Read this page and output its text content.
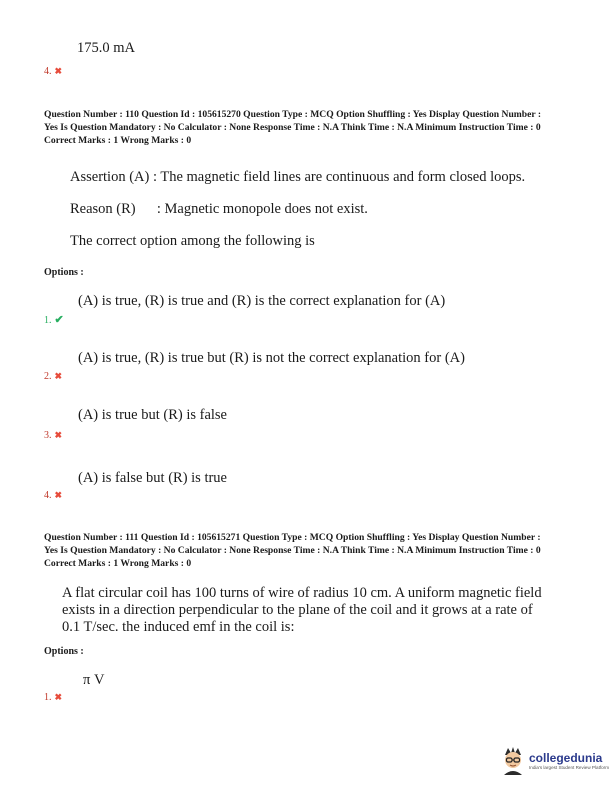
175.0 mA
4. ✖
Question Number : 110 Question Id : 105615270 Question Type : MCQ Option Shuffling : Yes Display Question Number :
Yes Is Question Mandatory : No Calculator : None Response Time : N.A Think Time : N.A Minimum Instruction Time : 0
Correct Marks : 1 Wrong Marks : 0
Assertion (A) : The magnetic field lines are continuous and form closed loops.
Reason (R) : Magnetic monopole does not exist.
The correct option among the following is
Options :
(A) is true, (R) is true and (R) is the correct explanation for (A)
1. ✔
(A) is true, (R) is true but (R) is not the correct explanation for (A)
2. ✖
(A) is true but (R) is false
3. ✖
(A) is false but (R) is true
4. ✖
Question Number : 111 Question Id : 105615271 Question Type : MCQ Option Shuffling : Yes Display Question Number :
Yes Is Question Mandatory : No Calculator : None Response Time : N.A Think Time : N.A Minimum Instruction Time : 0
Correct Marks : 1 Wrong Marks : 0
A flat circular coil has 100 turns of wire of radius 10 cm. A uniform magnetic field
exists in a direction perpendicular to the plane of the coil and it grows at a rate of
0.1 T/sec. the induced emf in the coil is:
Options :
π V
1. ✖
collegedunia
India's largest Student Review Platform
